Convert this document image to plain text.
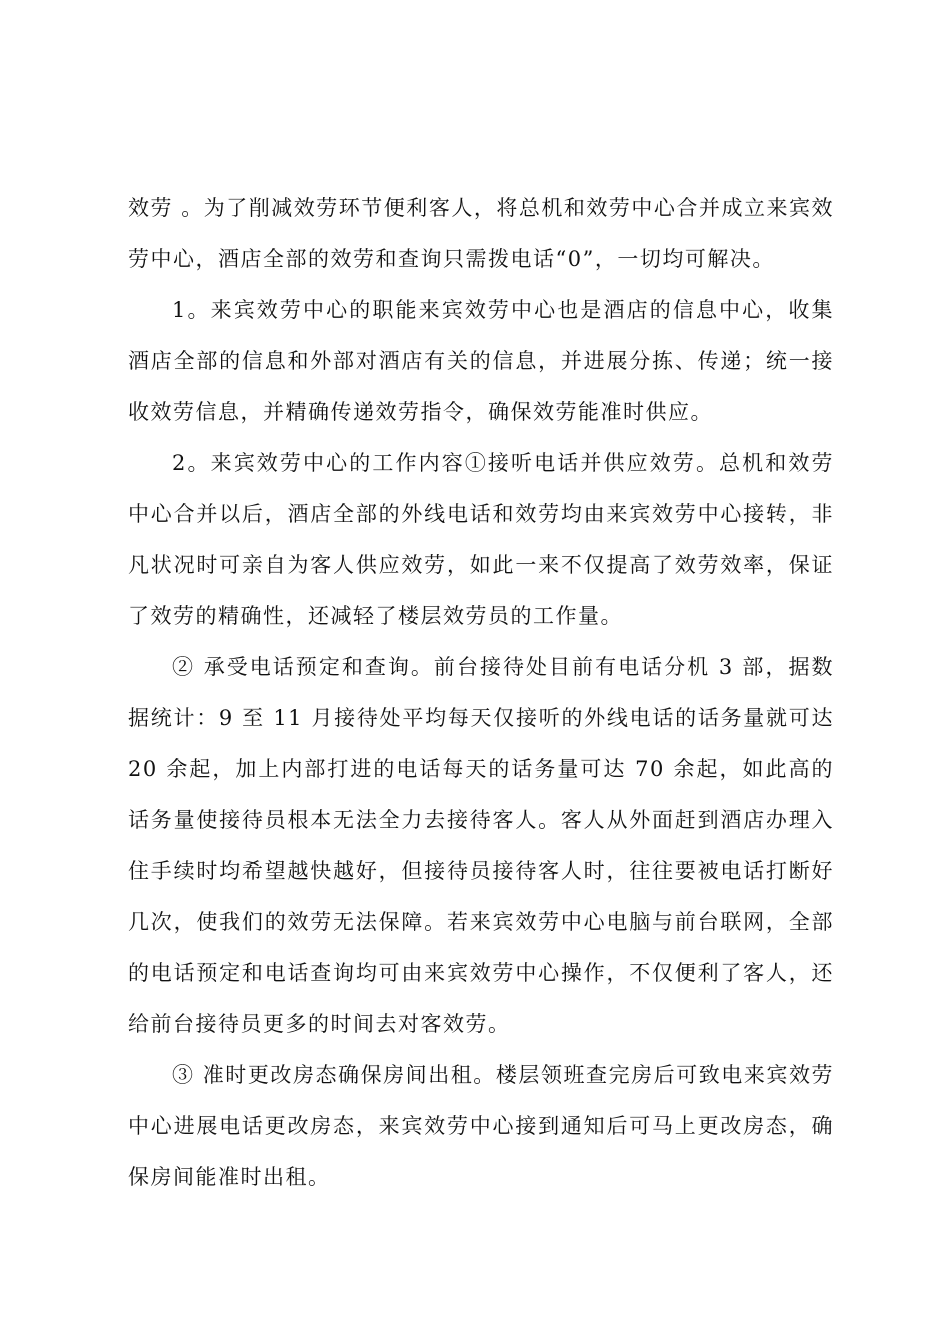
效劳 。为了削减效劳环节便利客人，将总机和效劳中心合并成立来宾效劳中心，酒店全部的效劳和查询只需拨电话“0”，一切均可解决。

1。来宾效劳中心的职能来宾效劳中心也是酒店的信息中心，收集酒店全部的信息和外部对酒店有关的信息，并进展分拣、传递；统一接收效劳信息，并精确传递效劳指令，确保效劳能准时供应。

2。来宾效劳中心的工作内容①接听电话并供应效劳。总机和效劳中心合并以后，酒店全部的外线电话和效劳均由来宾效劳中心接转，非凡状况时可亲自为客人供应效劳，如此一来不仅提高了效劳效率，保证了效劳的精确性，还减轻了楼层效劳员的工作量。

② 承受电话预定和查询。前台接待处目前有电话分机 3 部，据数据统计：9 至 11 月接待处平均每天仅接听的外线电话的话务量就可达 20 余起，加上内部打进的电话每天的话务量可达 70 余起，如此高的话务量使接待员根本无法全力去接待客人。客人从外面赶到酒店办理入住手续时均希望越快越好，但接待员接待客人时，往往要被电话打断好几次，使我们的效劳无法保障。若来宾效劳中心电脑与前台联网，全部的电话预定和电话查询均可由来宾效劳中心操作，不仅便利了客人，还给前台接待员更多的时间去对客效劳。

③ 准时更改房态确保房间出租。楼层领班查完房后可致电来宾效劳中心进展电话更改房态，来宾效劳中心接到通知后可马上更改房态，确保房间能准时出租。
